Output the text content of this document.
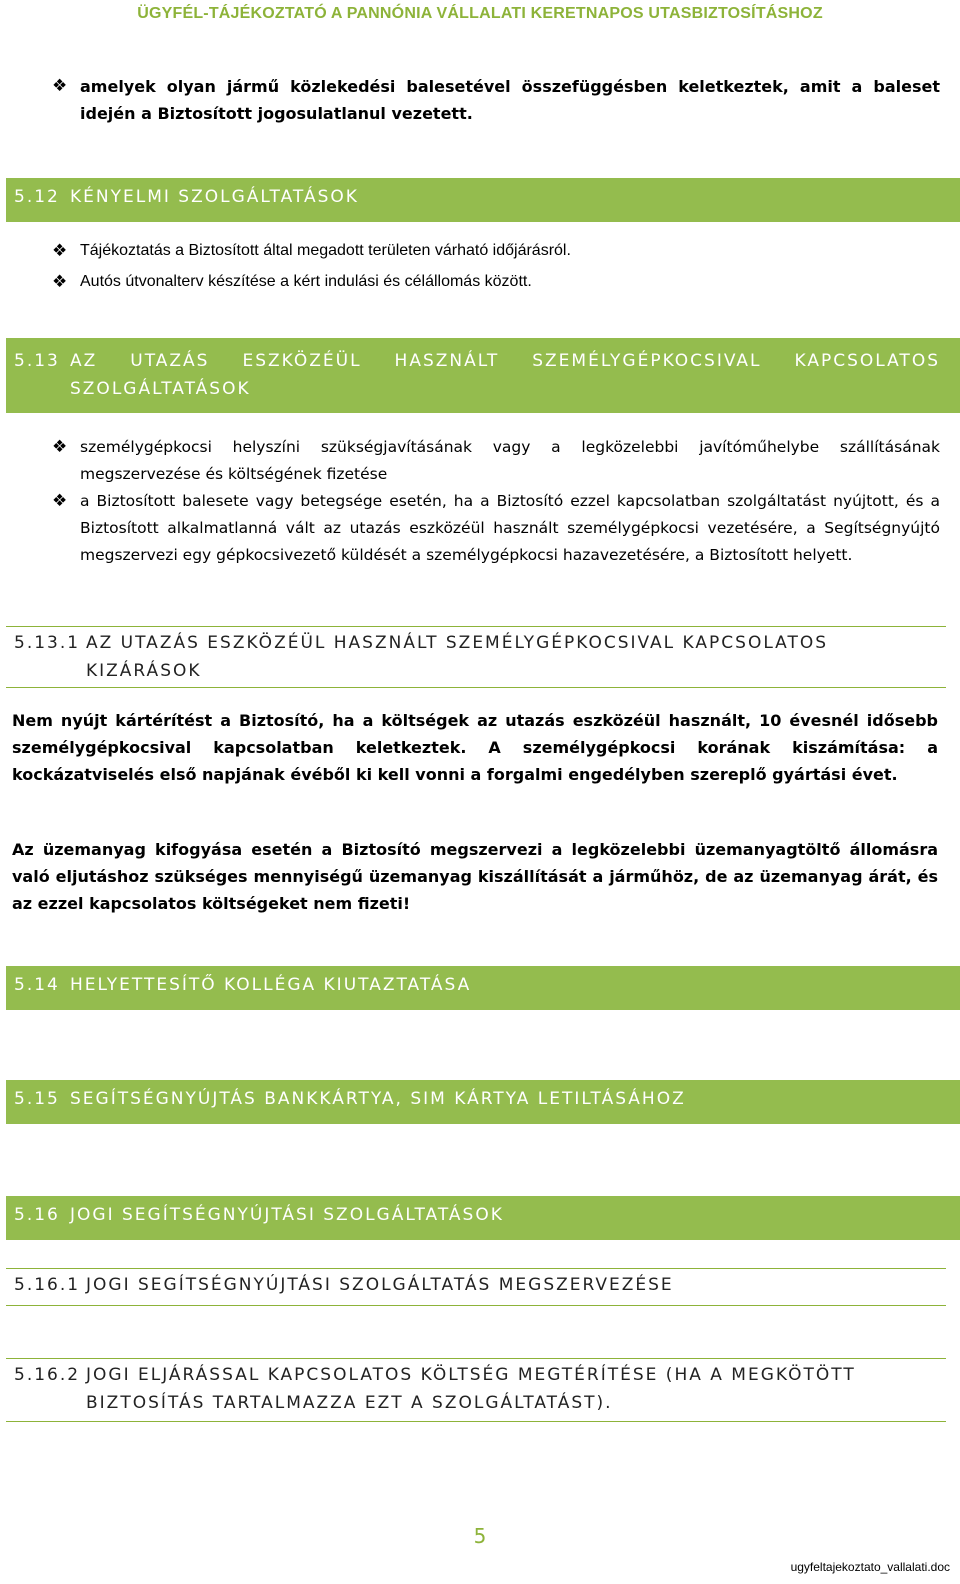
ÜGYFÉL-TÁJÉKOZTATÓ A PANNÓNIA VÁLLALATI KERETNAPOS UTASBIZTOSÍTÁSHOZ
❖ amelyek olyan jármű közlekedési balesetével összefüggésben keletkeztek, amit a baleset idején a Biztosított jogosulatlanul vezetett.
5.12 KÉNYELMI SZOLGÁLTATÁSOK
❖ Tájékoztatás a Biztosított által megadott területen várható időjárásról.
❖ Autós útvonalterv készítése a kért indulási és célállomás között.
5.13 AZ UTAZÁS ESZKÖZÉÜL HASZNÁLT SZEMÉLYGÉPKOCSIVAL KAPCSOLATOS
SZOLGÁLTATÁSOK
❖ személygépkocsi helyszíni szükségjavításának vagy a legközelebbi javítóműhelybe szállításának megszervezése és költségének fizetése
❖ a Biztosított balesete vagy betegsége esetén, ha a Biztosító ezzel kapcsolatban szolgáltatást nyújtott, és a Biztosított alkalmatlanná vált az utazás eszközéül használt személygépkocsi vezetésére, a Segítségnyújtó megszervezi egy gépkocsivezető küldését a személygépkocsi hazavezetésére, a Biztosított helyett.
5.13.1 AZ UTAZÁS ESZKÖZÉÜL HASZNÁLT SZEMÉLYGÉPKOCSIVAL KAPCSOLATOS
KIZÁRÁSOK
Nem nyújt kártérítést a Biztosító, ha a költségek az utazás eszközéül használt, 10 évesnél idősebb személygépkocsival kapcsolatban keletkeztek. A személygépkocsi korának kiszámítása: a kockázatviselés első napjának évéből ki kell vonni a forgalmi engedélyben szereplő gyártási évet.
Az üzemanyag kifogyása esetén a Biztosító megszervezi a legközelebbi üzemanyagtöltő állomásra való eljutáshoz szükséges mennyiségű üzemanyag kiszállítását a járműhöz, de az üzemanyag árát, és az ezzel kapcsolatos költségeket nem fizeti!
5.14 HELYETTESÍTŐ KOLLÉGA KIUTAZTATÁSA
5.15 SEGÍTSÉGNYÚJTÁS BANKKÁRTYA, SIM KÁRTYA LETILTÁSÁHOZ
5.16 JOGI SEGÍTSÉGNYÚJTÁSI SZOLGÁLTATÁSOK
5.16.1 JOGI SEGÍTSÉGNYÚJTÁSI SZOLGÁLTATÁS MEGSZERVEZÉSE
5.16.2 JOGI ELJÁRÁSSAL KAPCSOLATOS KÖLTSÉG MEGTÉRÍTÉSE (HA A MEGKÖTÖTT
BIZTOSÍTÁS TARTALMAZZA EZT A SZOLGÁLTATÁST).
5
ugyfeltajekoztato_vallalati.doc
